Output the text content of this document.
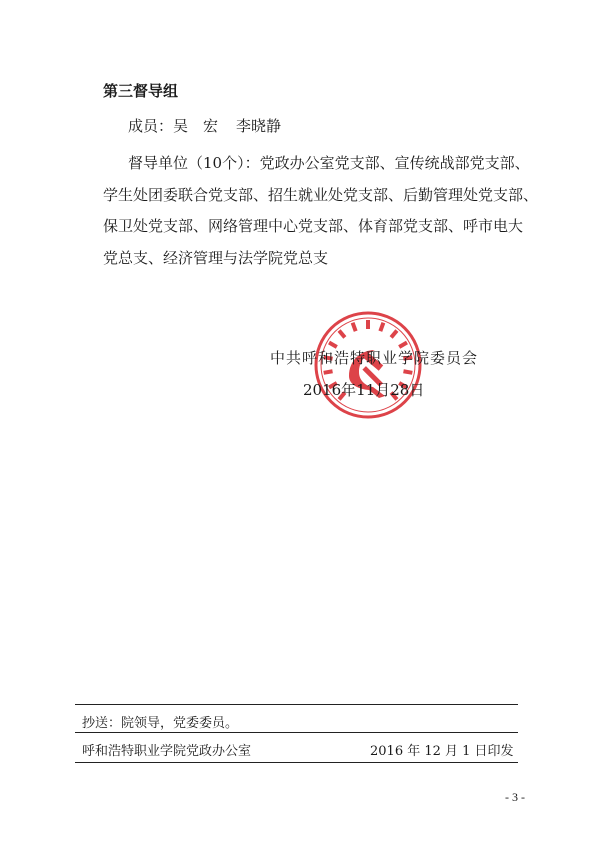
第三督导组
成员：吴　宏 李晓静
督导单位（10个）：党政办公室党支部、宣传统战部党支部、
学生处团委联合党支部、招生就业处党支部、后勤管理处党支部、
保卫处党支部、网络管理中心党支部、体育部党支部、呼市电大
党总支、经济管理与法学院党总支
中共呼和浩特职业学院委员会
2016年11月28日
抄送：院领导，党委委员。
呼和浩特职业学院党政办公室	2016 年 12 月 1 日印发
- 3 -
